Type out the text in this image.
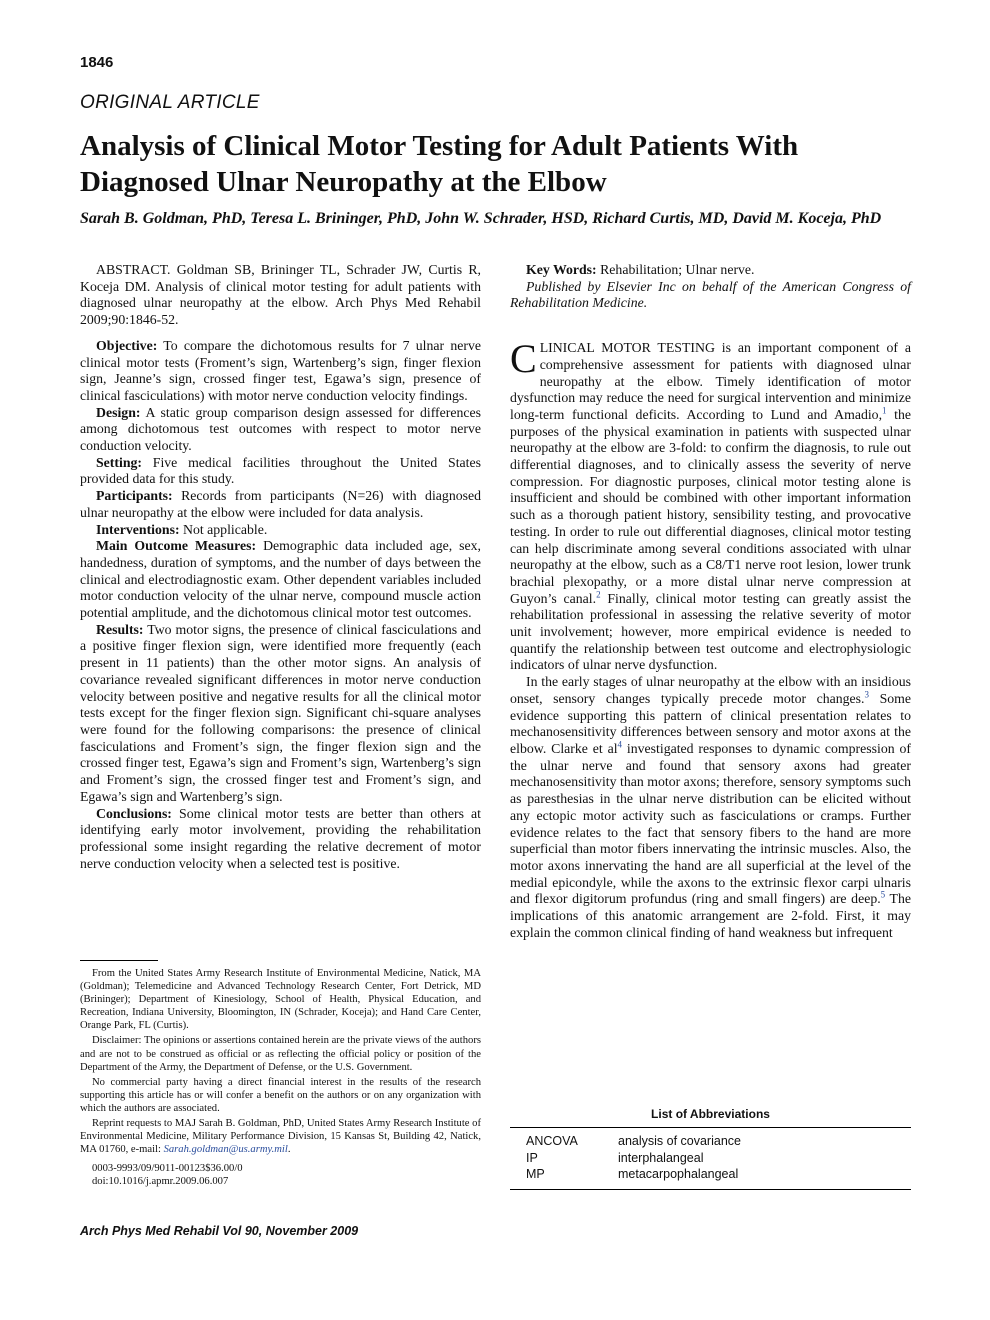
1846
ORIGINAL ARTICLE
Analysis of Clinical Motor Testing for Adult Patients With Diagnosed Ulnar Neuropathy at the Elbow

Sarah B. Goldman, PhD, Teresa L. Brininger, PhD, John W. Schrader, HSD, Richard Curtis, MD, David M. Koceja, PhD

ABSTRACT. Goldman SB, Brininger TL, Schrader JW, Curtis R, Koceja DM. Analysis of clinical motor testing for adult patients with diagnosed ulnar neuropathy at the elbow. Arch Phys Med Rehabil 2009;90:1846-52.

Objective: To compare the dichotomous results for 7 ulnar nerve clinical motor tests (Froment’s sign, Wartenberg’s sign, finger flexion sign, Jeanne’s sign, crossed finger test, Egawa’s sign, presence of clinical fasciculations) with motor nerve conduction velocity findings.

Design: A static group comparison design assessed for differences among dichotomous test outcomes with respect to motor nerve conduction velocity.

Setting: Five medical facilities throughout the United States provided data for this study.

Participants: Records from participants (N=26) with diagnosed ulnar neuropathy at the elbow were included for data analysis.

Interventions: Not applicable.

Main Outcome Measures: Demographic data included age, sex, handedness, duration of symptoms, and the number of days between the clinical and electrodiagnostic exam. Other dependent variables included motor conduction velocity of the ulnar nerve, compound muscle action potential amplitude, and the dichotomous clinical motor test outcomes.

Results: Two motor signs, the presence of clinical fasciculations and a positive finger flexion sign, were identified more frequently (each present in 11 patients) than the other motor signs. An analysis of covariance revealed significant differences in motor nerve conduction velocity between positive and negative results for all the clinical motor tests except for the finger flexion sign. Significant chi-square analyses were found for the following comparisons: the presence of clinical fasciculations and Froment’s sign, the finger flexion sign and the crossed finger test, Egawa’s sign and Froment’s sign, Wartenberg’s sign and Froment’s sign, the crossed finger test and Froment’s sign, and Egawa’s sign and Wartenberg’s sign.

Conclusions: Some clinical motor tests are better than others at identifying early motor involvement, providing the rehabilitation professional some insight regarding the relative decrement of motor nerve conduction velocity when a selected test is positive.

Key Words: Rehabilitation; Ulnar nerve.

Published by Elsevier Inc on behalf of the American Congress of Rehabilitation Medicine.

CLINICAL MOTOR TESTING is an important component of a comprehensive assessment for patients with diagnosed ulnar neuropathy at the elbow. Timely identification of motor dysfunction may reduce the need for surgical intervention and minimize long-term functional deficits. According to Lund and Amadio,$^1$ the purposes of the physical examination in patients with suspected ulnar neuropathy at the elbow are 3-fold: to confirm the diagnosis, to rule out differential diagnoses, and to clinically assess the severity of nerve compression. For diagnostic purposes, clinical motor testing alone is insufficient and should be combined with other important information such as a thorough patient history, sensibility testing, and provocative testing. In order to rule out differential diagnoses, clinical motor testing can help discriminate among several conditions associated with ulnar neuropathy at the elbow, such as a C8/T1 nerve root lesion, lower trunk brachial plexopathy, or a more distal ulnar nerve compression at Guyon’s canal.$^2$ Finally, clinical motor testing can greatly assist the rehabilitation professional in assessing the relative severity of motor unit involvement; however, more empirical evidence is needed to quantify the relationship between test outcome and electrophysiologic indicators of ulnar nerve dysfunction.

In the early stages of ulnar neuropathy at the elbow with an insidious onset, sensory changes typically precede motor changes.$^3$ Some evidence supporting this pattern of clinical presentation relates to mechanosensitivity differences between sensory and motor axons at the elbow. Clarke et $al^4$ investigated responses to dynamic compression of the ulnar nerve and found that sensory axons had greater mechanosensitivity than motor axons; therefore, sensory symptoms such as paresthesias in the ulnar nerve distribution can be elicited without any ectopic motor activity such as fasciculations or cramps. Further evidence relates to the fact that sensory fibers to the hand are more superficial than motor fibers innervating the intrinsic muscles. Also, the motor axons innervating the hand are all superficial at the level of the medial epicondyle, while the axons to the extrinsic flexor carpi ulnaris and flexor digitorum profundus (ring and small fingers) are deep.$^5$ The implications of this anatomic arrangement are 2-fold. First, it may explain the common clinical finding of hand weakness but infrequent

From the United States Army Research Institute of Environmental Medicine, Natick, MA (Goldman); Telemedicine and Advanced Technology Research Center, Fort Detrick, MD (Brininger); Department of Kinesiology, School of Health, Physical Education, and Recreation, Indiana University, Bloomington, IN (Schrader, Koceja); and Hand Care Center, Orange Park, FL (Curtis).

Disclaimer: The opinions or assertions contained herein are the private views of the authors and are not to be construed as official or as reflecting the official policy or position of the Department of the Army, the Department of Defense, or the U.S. Government.

No commercial party having a direct financial interest in the results of the research supporting this article has or will confer a benefit on the authors or on any organization with which the authors are associated.

Reprint requests to MAJ Sarah B. Goldman, PhD, United States Army Research Institute of Environmental Medicine, Military Performance Division, 15 Kansas St, Building 42, Natick, MA 01760, e-mail: Sarah.goldman@us.army.mil.

0003-9993/09/9011-00123$36.00/0

doi:10.1016/j.apmr.2009.06.007

List of Abbreviations
ANCOVA	analysis of covariance
IP	interphalangeal
MP	metacarpophalangeal
Arch Phys Med Rehabil Vol 90, November 2009
